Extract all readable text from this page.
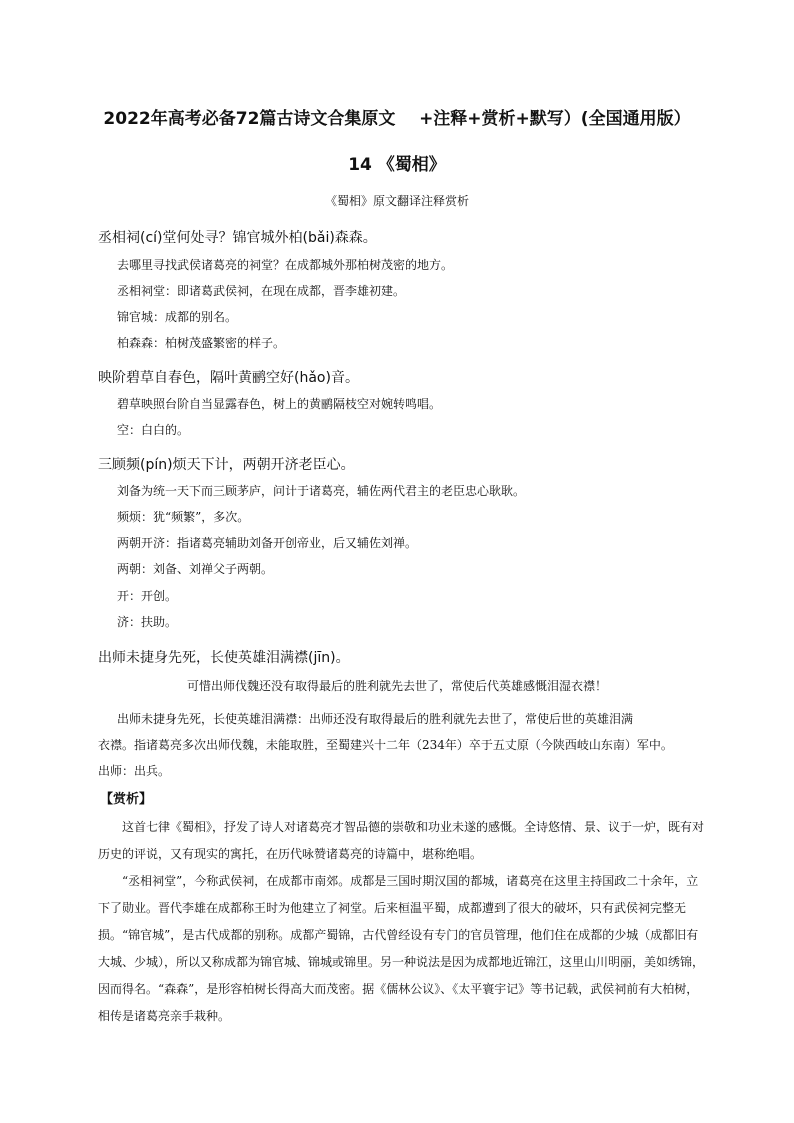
2022年高考必备72篇古诗文合集原文    +注释+赏析+默写）(全国通用版）
14 《蜀相》
《蜀相》原文翻译注释赏析
丞相祠(cí)堂何处寻？锦官城外柏(bǎi)森森。
去哪里寻找武侯诸葛亮的祠堂？在成都城外那柏树茂密的地方。
丞相祠堂：即诸葛武侯祠，在现在成都，晋李雄初建。
锦官城：成都的别名。
柏森森：柏树茂盛繁密的样子。
映阶碧草自春色，隔叶黄鹂空好(hǎo)音。
碧草映照台阶自当显露春色，树上的黄鹂隔枝空对婉转鸣唱。
空：白白的。
三顾频(pín)烦天下计，两朝开济老臣心。
刘备为统一天下而三顾茅庐，问计于诸葛亮，辅佐两代君主的老臣忠心耿耿。
频烦：犹“频繁”，多次。
两朝开济：指诸葛亮辅助刘备开创帝业，后又辅佐刘禅。
两朝：刘备、刘禅父子两朝。
开：开创。
济：扶助。
出师未捷身先死，长使英雄泪满襟(jīn)。
可惜出师伐魏还没有取得最后的胜利就先去世了，常使后代英雄感慨泪湿衣襟！
出师未捷身先死，长使英雄泪满襟：出师还没有取得最后的胜利就先去世了，常使后世的英雄泪满
衣襟。指诸葛亮多次出师伐魏，未能取胜，至蜀建兴十二年（234年）卒于五丈原（今陕西岐山东南）军中。
出师：出兵。
【赏析】

这首七律《蜀相》，抒发了诗人对诸葛亮才智品德的崇敬和功业未遂的感慨。全诗悠情、景、议于一炉，既有对历史的评说，又有现实的寓托，在历代咏赞诸葛亮的诗篇中，堪称绝唱。

“丞相祠堂”，今称武侯祠，在成都市南郊。成都是三国时期汉国的都城，诸葛亮在这里主持国政二十余年，立下了勋业。晋代李雄在成都称王时为他建立了祠堂。后来桓温平蜀，成都遭到了很大的破坏，只有武侯祠完整无损。“锦官城”，是古代成都的别称。成都产蜀锦，古代曾经设有专门的官员管理，他们住在成都的少城（成都旧有大城、少城），所以又称成都为锦官城、锦城或锦里。另一种说法是因为成都地近锦江，这里山川明丽，美如绣锦，因而得名。“森森”，是形容柏树长得高大而茂密。据《儒林公议》、《太平寰宇记》等书记载，武侯祠前有大柏树，相传是诸葛亮亲手栽种。
